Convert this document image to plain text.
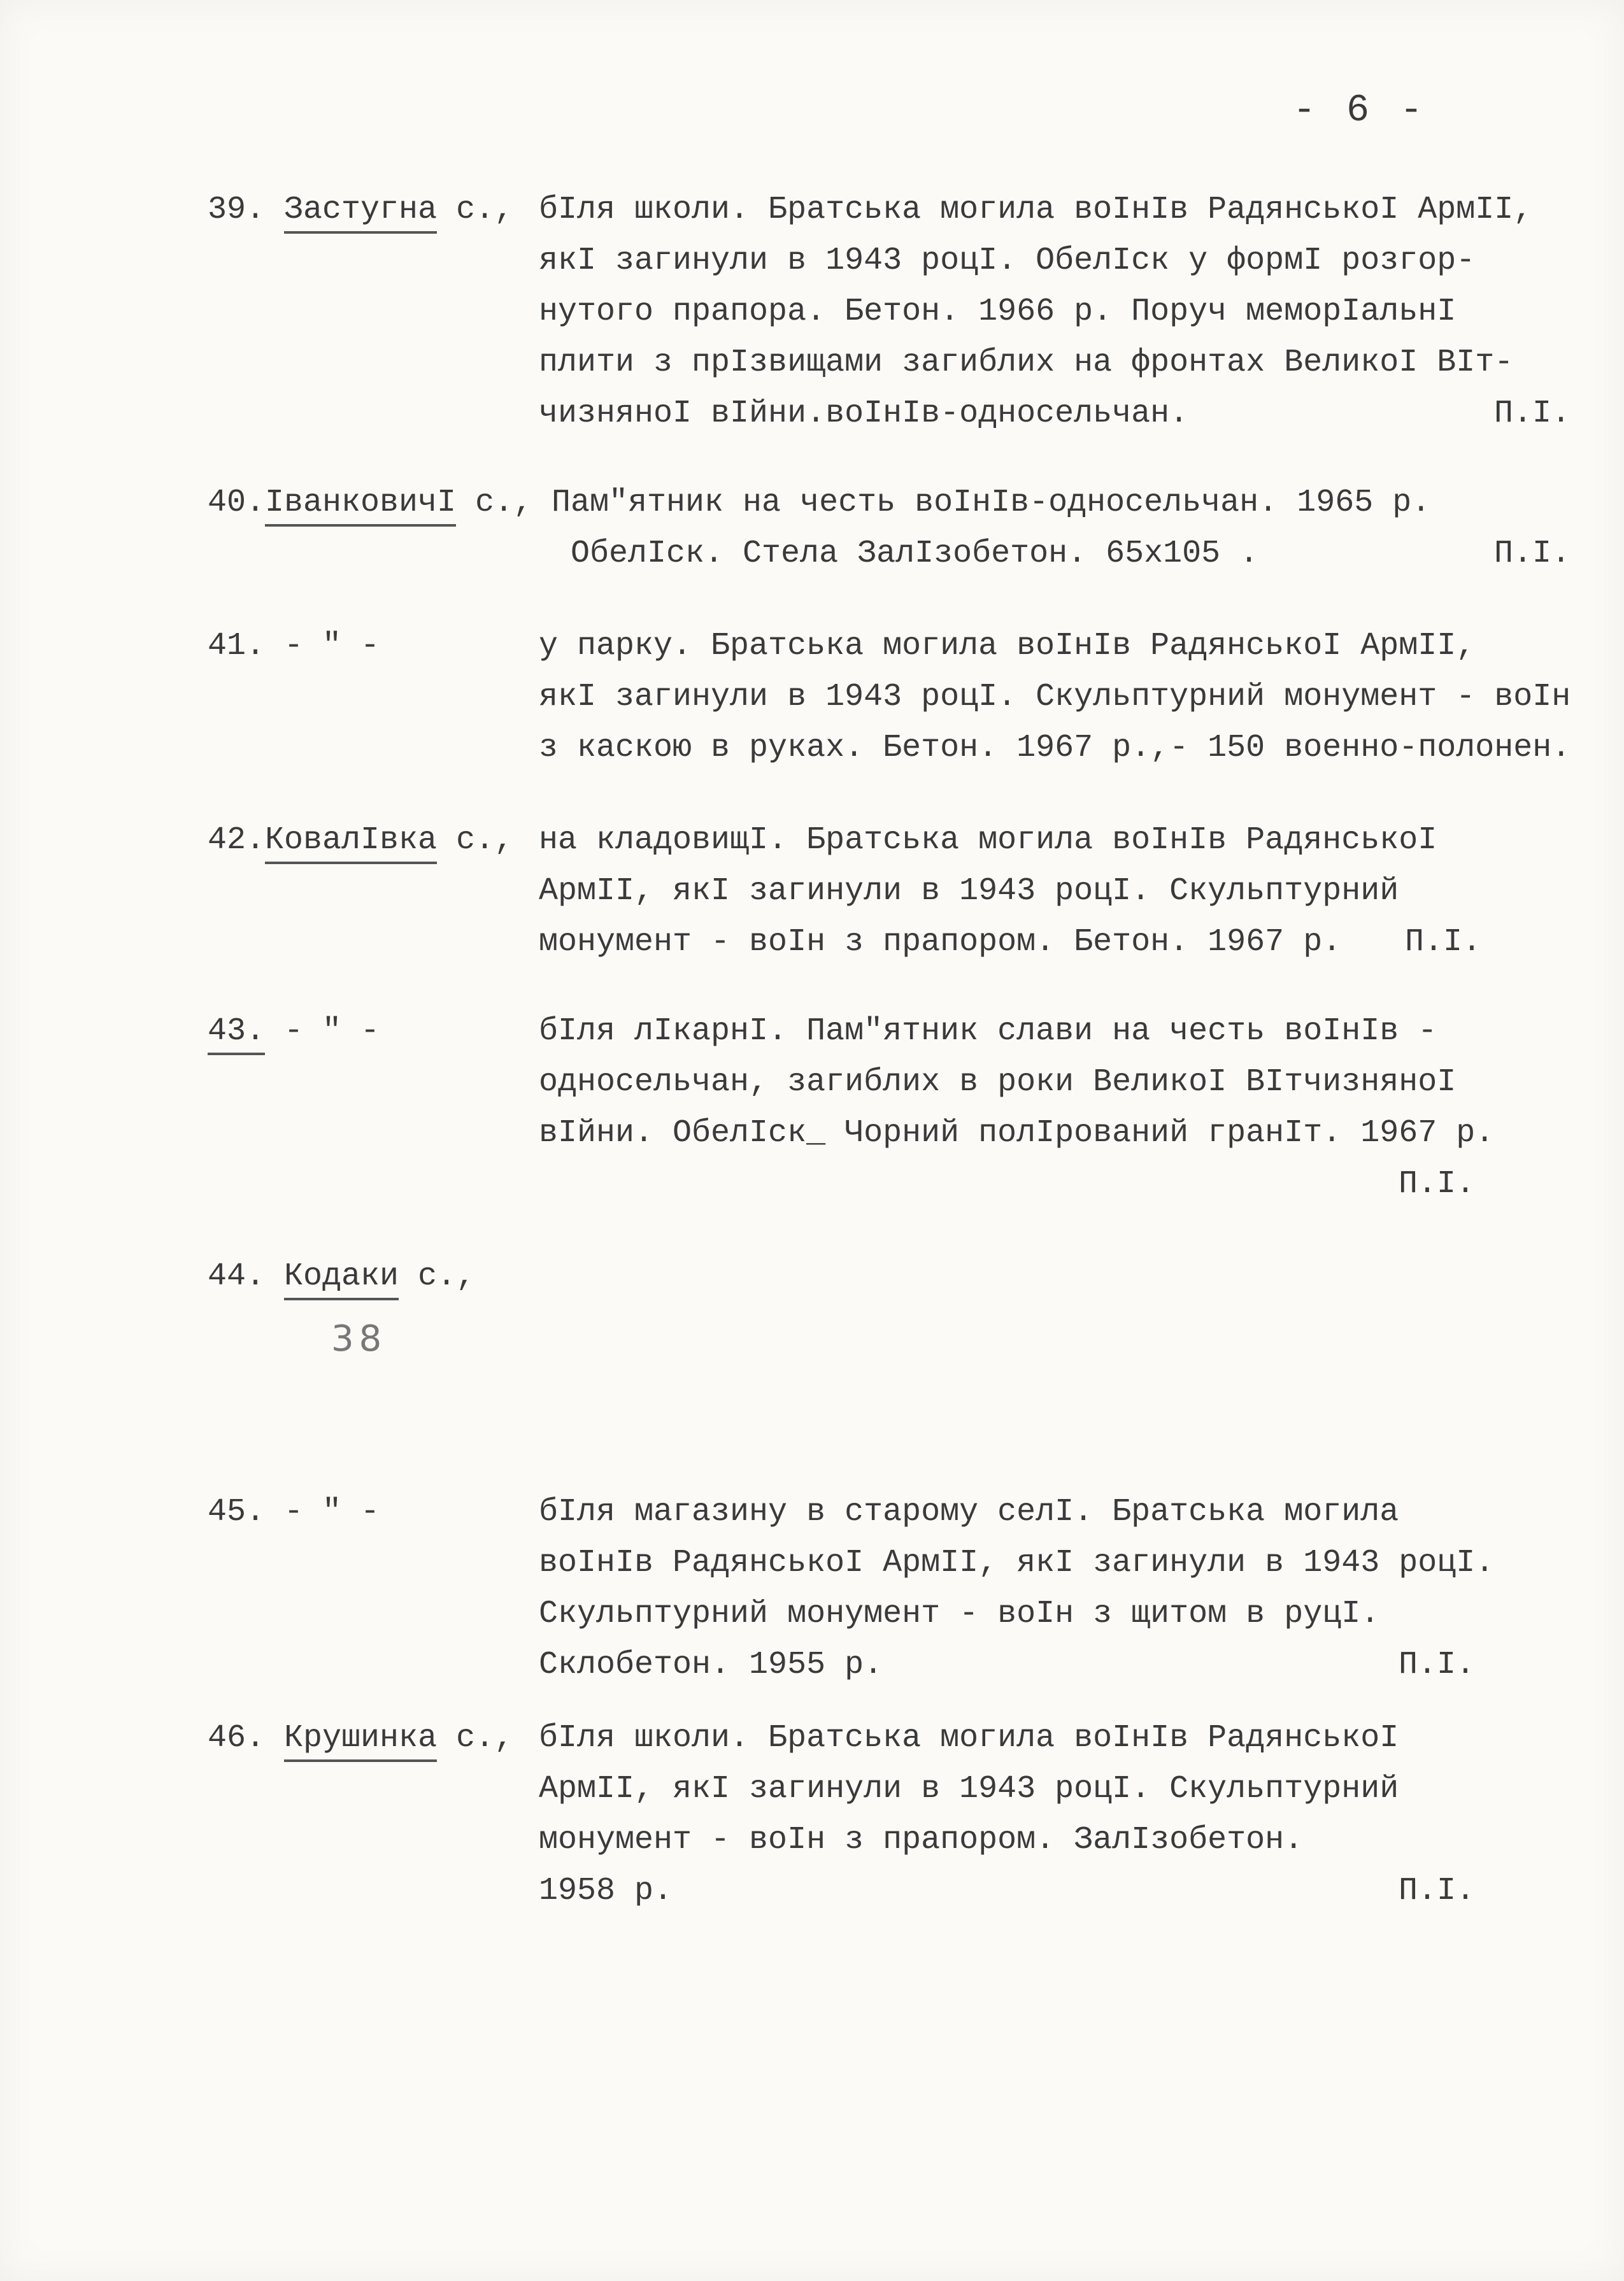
- 6 -
39. Застугна с., бІля школи. Братська могила воІнІв РадянськоІ АрмІІ,
якІ загинули в 1943 роцІ. ОбелІск у формІ розгор-
нутого прапора. Бетон. 1966 р. Поруч меморІальнІ
плити з прІзвищами загиблих на фронтах ВеликоІ ВІт-
чизняноІ вІйни.воІнІв-односельчан.	П.І.
40.ІванковичІ с., Пам"ятник на честь воІнІв-односельчан. 1965 р.
ОбелІск. Стела ЗалІзобетон. 65х105 .	П.І.
41. - " -	у парку. Братська могила воІнІв РадянськоІ АрмІІ,
якІ загинули в 1943 роцІ. Скульптурний монумент - воІн
з каскою в руках. Бетон. 1967 р.,- 150 военно-полонен.
42.КовалІвка с., на кладовищІ. Братська могила воІнІв РадянськоІ
АрмІІ, якІ загинули в 1943 роцІ. Скульптурний
монумент - воІн з прапором. Бетон. 1967 р.	П.І.
43. - " -	бІля лІкарнІ. Пам"ятник слави на честь воІнІв -
односельчан, загиблих в роки ВеликоІ ВІтчизняноІ
вІйни. ОбелІск_ Чорний полІрований гранІт. 1967 р.
П.І.
44. Кодаки с.,
38
45. - " -	бІля магазину в старому селІ. Братська могила
воІнІв РадянськоІ АрмІІ, якІ загинули в 1943 роцІ.
Скульптурний монумент - воІн з щитом в руцІ.
Склобетон. 1955 р.	П.І.
46. Крушинка с., бІля школи. Братська могила воІнІв РадянськоІ
АрмІІ, якІ загинули в 1943 роцІ. Скульптурний
монумент - воІн з прапором. ЗалІзобетон.
1958 р.	П.І.
